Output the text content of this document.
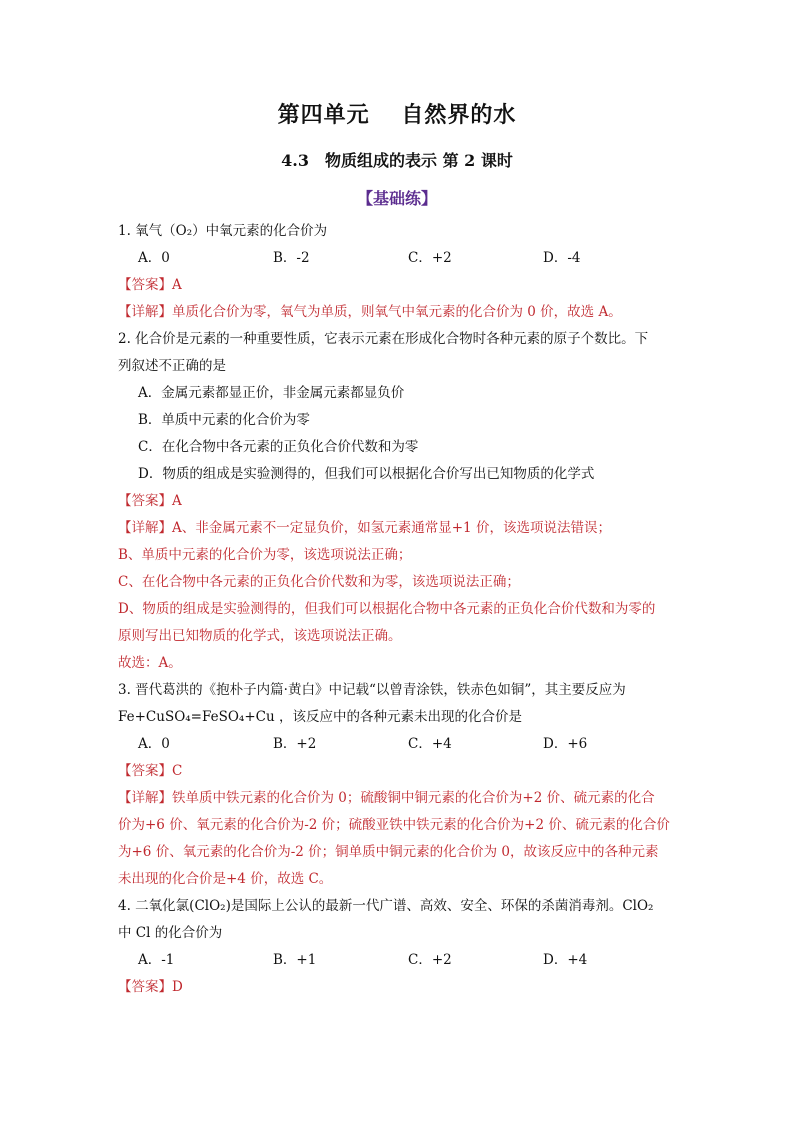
第四单元　 自然界的水
4.3　物质组成的表示 第 2 课时
【基础练】
1. 氧气（O₂）中氧元素的化合价为
A．0	B．-2	C．+2	D．-4
【答案】A
【详解】单质化合价为零，氧气为单质，则氧气中氧元素的化合价为 0 价，故选 A。
2. 化合价是元素的一种重要性质，它表示元素在形成化合物时各种元素的原子个数比。下
列叙述不正确的是
A．金属元素都显正价，非金属元素都显负价
B．单质中元素的化合价为零
C．在化合物中各元素的正负化合价代数和为零
D．物质的组成是实验测得的，但我们可以根据化合价写出已知物质的化学式
【答案】A
【详解】A、非金属元素不一定显负价，如氢元素通常显+1 价，该选项说法错误；
B、单质中元素的化合价为零，该选项说法正确；
C、在化合物中各元素的正负化合价代数和为零，该选项说法正确；
D、物质的组成是实验测得的，但我们可以根据化合物中各元素的正负化合价代数和为零的
原则写出已知物质的化学式，该选项说法正确。
故选：A。
3. 晋代葛洪的《抱朴子内篇·黄白》中记载“以曾青涂铁，铁赤色如铜”，其主要反应为
Fe+CuSO₄=FeSO₄+Cu ，该反应中的各种元素未出现的化合价是
A．0	B．+2	C．+4	D．+6
【答案】C
【详解】铁单质中铁元素的化合价为 0；硫酸铜中铜元素的化合价为+2 价、硫元素的化合
价为+6 价、氧元素的化合价为-2 价；硫酸亚铁中铁元素的化合价为+2 价、硫元素的化合价
为+6 价、氧元素的化合价为-2 价；铜单质中铜元素的化合价为 0，故该反应中的各种元素
未出现的化合价是+4 价，故选 C。
4. 二氧化氯(ClO₂)是国际上公认的最新一代广谱、高效、安全、环保的杀菌消毒剂。ClO₂
中 Cl 的化合价为
A．-1	B．+1	C．+2	D．+4
【答案】D
